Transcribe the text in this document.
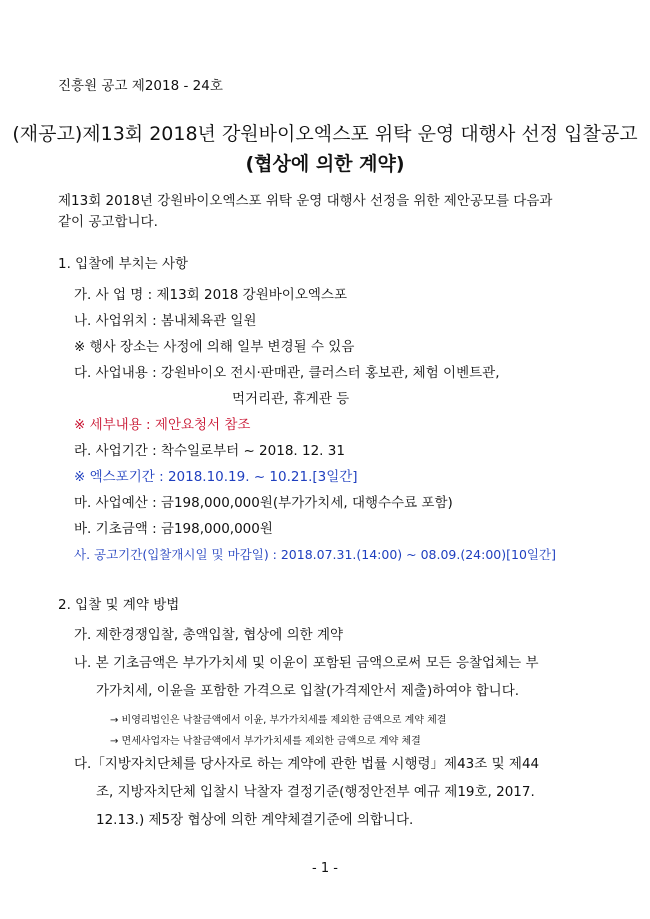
진흥원 공고 제2018 - 24호
(재공고)제13회 2018년 강원바이오엑스포 위탁 운영 대행사 선정 입찰공고
(협상에 의한 계약)
제13회 2018년 강원바이오엑스포 위탁 운영 대행사 선정을 위한 제안공모를 다음과
같이 공고합니다.
1. 입찰에 부치는 사항
가. 사 업 명 : 제13회 2018 강원바이오엑스포
나. 사업위치 : 봄내체육관 일원
※ 행사 장소는 사정에 의해 일부 변경될 수 있음
다. 사업내용 : 강원바이오 전시·판매관, 클러스터 홍보관, 체험 이벤트관,
먹거리관, 휴게관 등
※ 세부내용 : 제안요청서 참조
라. 사업기간 : 착수일로부터 ~ 2018. 12. 31
※ 엑스포기간 : 2018.10.19. ~ 10.21.[3일간]
마. 사업예산 : 금198,000,000원(부가가치세, 대행수수료 포함)
바. 기초금액 : 금198,000,000원
사. 공고기간(입찰개시일 및 마감일) : 2018.07.31.(14:00) ~ 08.09.(24:00)[10일간]
2. 입찰 및 계약 방법
가. 제한경쟁입찰, 총액입찰, 협상에 의한 계약
나. 본 기초금액은 부가가치세 및 이윤이 포함된 금액으로써 모든 응찰업체는 부
가가치세, 이윤을 포함한 가격으로 입찰(가격제안서 제출)하여야 합니다.
→ 비영리법인은 낙찰금액에서 이윤, 부가가치세를 제외한 금액으로 계약 체결
→ 면세사업자는 낙찰금액에서 부가가치세를 제외한 금액으로 계약 체결
다.「지방자치단체를 당사자로 하는 계약에 관한 법률 시행령」제43조 및 제44
조, 지방자치단체 입찰시 낙찰자 결정기준(행정안전부 예규 제19호, 2017.
12.13.) 제5장 협상에 의한 계약체결기준에 의합니다.
- 1 -
